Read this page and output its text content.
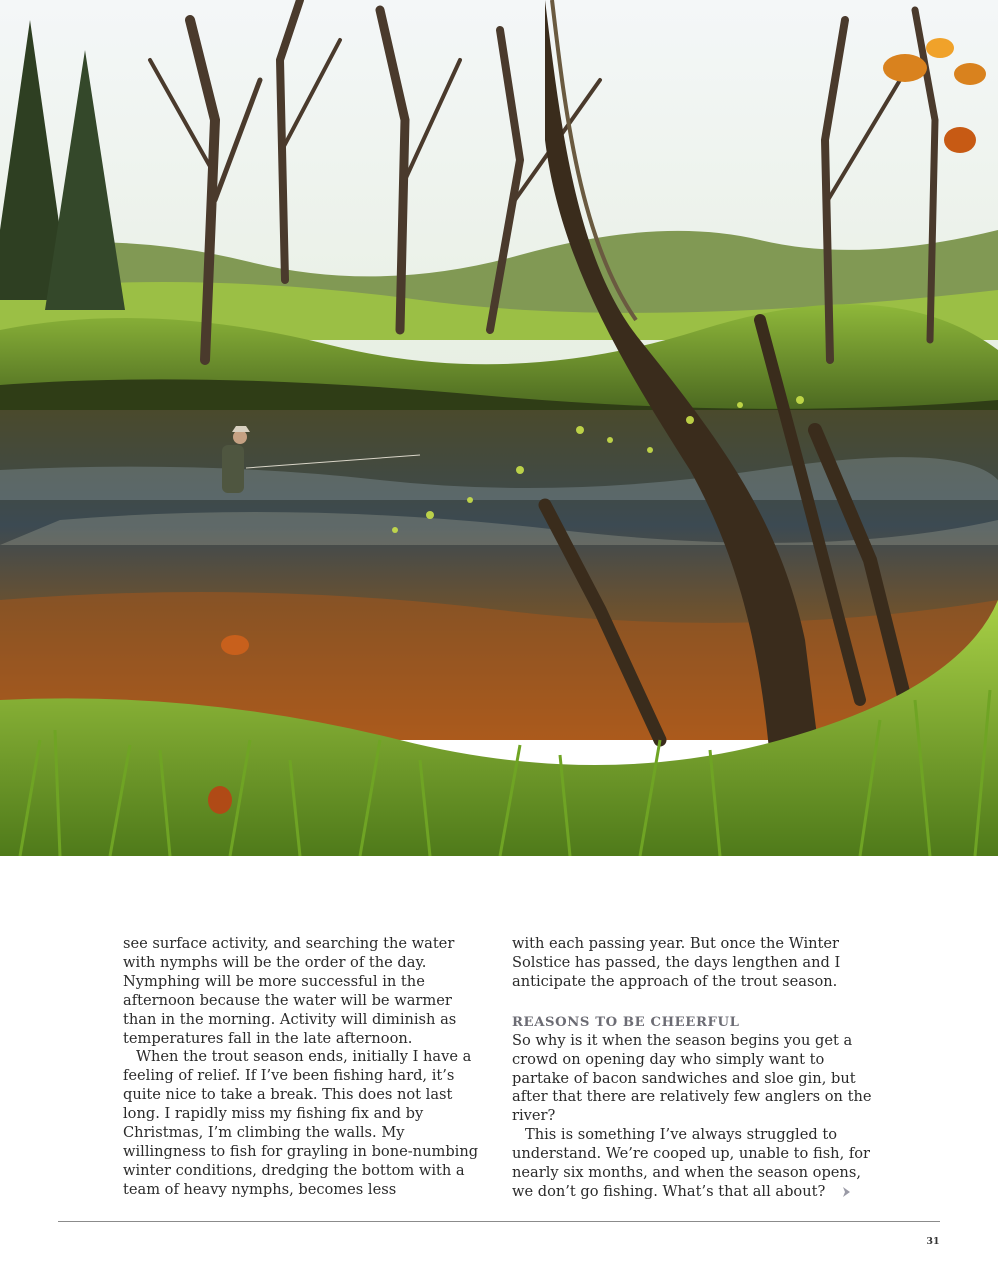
see surface activity, and searching the water with nymphs will be the order of the day. Nymphing will be more successful in the afternoon because the water will be warmer than in the morning. Activity will diminish as temperatures fall in the late afternoon.

When the trout season ends, initially I have a feeling of relief. If I’ve been fishing hard, it’s quite nice to take a break. This does not last long. I rapidly miss my fishing fix and by Christmas, I’m climbing the walls. My willingness to fish for grayling in bone-numbing winter conditions, dredging the bottom with a team of heavy nymphs, becomes less

with each passing year. But once the Winter Solstice has passed, the days lengthen and I anticipate the approach of the trout season.

REASONS TO BE CHEERFUL

So why is it when the season begins you get a crowd on opening day who simply want to partake of bacon sandwiches and sloe gin, but after that there are relatively few anglers on the river?

This is something I’ve always struggled to understand. We’re cooped up, unable to fish, for nearly six months, and when the season opens, we don’t go fishing. What’s that all about?

31
